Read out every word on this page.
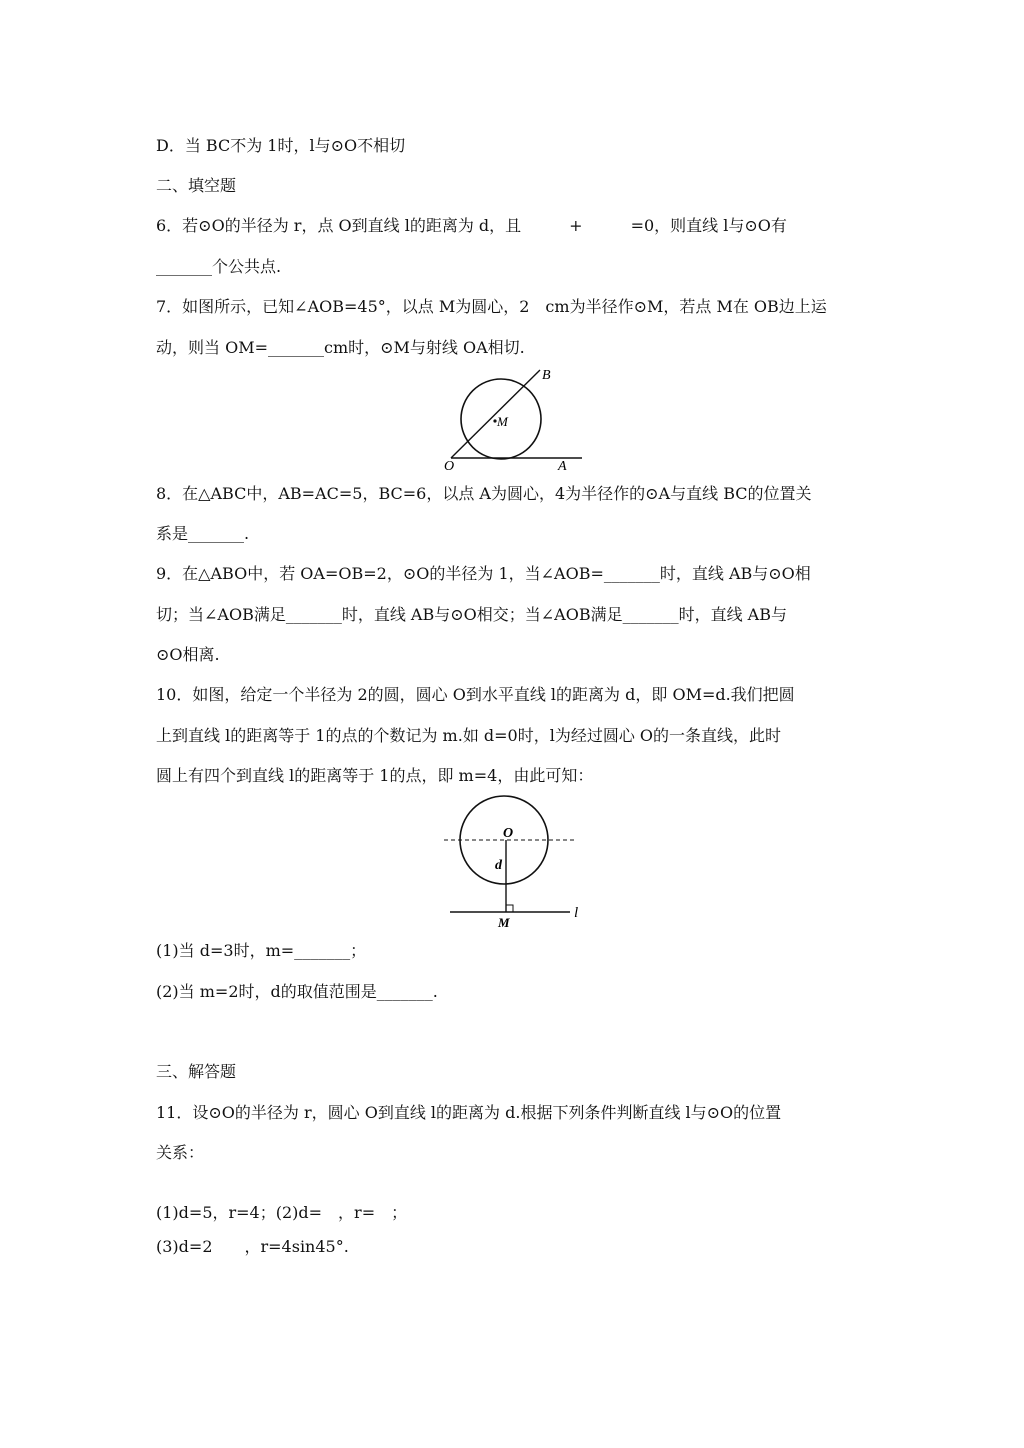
D．当 BC不为 1时，l与⊙O不相切
二、填空题
6．若⊙O的半径为 r，点 O到直线 l的距离为 d，且　　　+　　　=0，则直线 l与⊙O有
_______个公共点.
7．如图所示，已知∠AOB=45°，以点 M为圆心，2　cm为半径作⊙M，若点 M在 OB边上运
动，则当 OM=_______cm时，⊙M与射线 OA相切.
B
M
O	A
8．在△ABC中，AB=AC=5，BC=6，以点 A为圆心，4为半径作的⊙A与直线 BC的位置关
系是_______.
9．在△ABO中，若 OA=OB=2，⊙O的半径为 1，当∠AOB=_______时，直线 AB与⊙O相
切；当∠AOB满足_______时，直线 AB与⊙O相交；当∠AOB满足_______时，直线 AB与
⊙O相离.
10．如图，给定一个半径为 2的圆，圆心 O到水平直线 l的距离为 d，即 OM=d.我们把圆
上到直线 l的距离等于 1的点的个数记为 m.如 d=0时，l为经过圆心 O的一条直线，此时
圆上有四个到直线 l的距离等于 1的点，即 m=4，由此可知：
O
d
M
l
(1)当 d=3时，m=_______；
(2)当 m=2时，d的取值范围是_______.
三、解答题
11．设⊙O的半径为 r，圆心 O到直线 l的距离为 d.根据下列条件判断直线 l与⊙O的位置
关系：
(1)d=5，r=4；(2)d=　，r=　；
(3)d=2　　，r=4sin45°.
